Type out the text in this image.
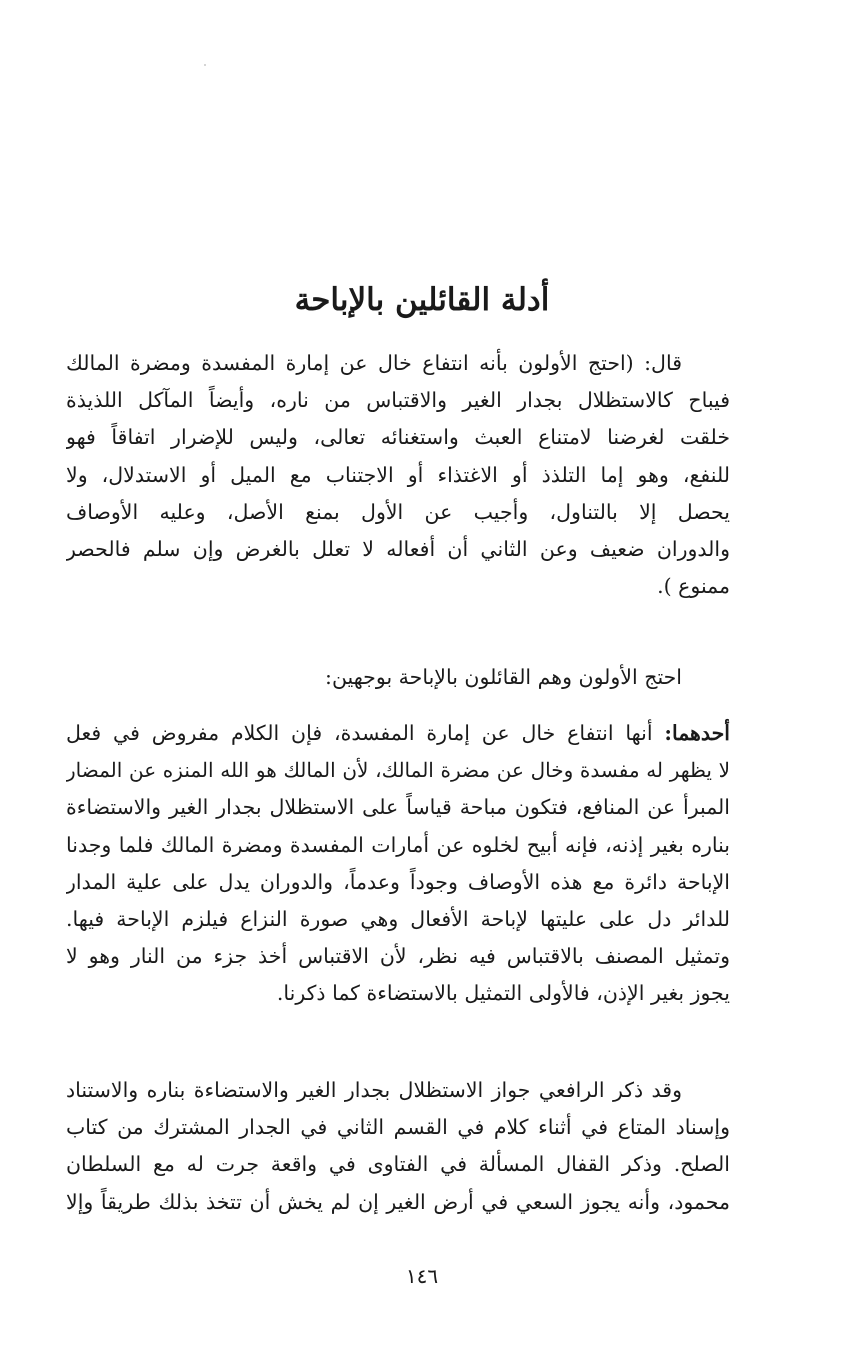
أدلة القائلين بالإباحة
قال: (احتج الأولون بأنه انتفاع خال عن إمارة المفسدة ومضرة المالك
فيباح كالاستظلال بجدار الغير والاقتباس من ناره، وأيضاً المآكل اللذيذة
خلقت لغرضنا لامتناع العبث واستغنائه تعالى، وليس للإضرار اتفاقاً فهو
للنفع، وهو إما التلذذ أو الاغتذاء أو الاجتناب مع الميل أو الاستدلال، ولا
يحصل إلا بالتناول، وأجيب عن الأول بمنع الأصل، وعليه الأوصاف
والدوران ضعيف وعن الثاني أن أفعاله لا تعلل بالغرض وإن سلم فالحصر
ممنوع ).
احتج الأولون وهم القائلون بالإباحة بوجهين:
أحدهما: أنها انتفاع خال عن إمارة المفسدة، فإن الكلام مفروض في فعل
لا يظهر له مفسدة وخال عن مضرة المالك، لأن المالك هو الله المنزه عن المضار
المبرأ عن المنافع، فتكون مباحة قياساً على الاستظلال بجدار الغير والاستضاءة
بناره بغير إذنه، فإنه أبيح لخلوه عن أمارات المفسدة ومضرة المالك فلما وجدنا
الإباحة دائرة مع هذه الأوصاف وجوداً وعدماً، والدوران يدل على علية المدار
للدائر دل على عليتها لإباحة الأفعال وهي صورة النزاع فيلزم الإباحة فيها.
وتمثيل المصنف بالاقتباس فيه نظر، لأن الاقتباس أخذ جزء من النار وهو لا
يجوز بغير الإذن، فالأولى التمثيل بالاستضاءة كما ذكرنا.
وقد ذكر الرافعي جواز الاستظلال بجدار الغير والاستضاءة بناره والاستناد
وإسناد المتاع في أثناء كلام في القسم الثاني في الجدار المشترك من كتاب
الصلح. وذكر القفال المسألة في الفتاوى في واقعة جرت له مع السلطان
محمود، وأنه يجوز السعي في أرض الغير إن لم يخش أن تتخذ بذلك طريقاً وإلا
١٤٦
